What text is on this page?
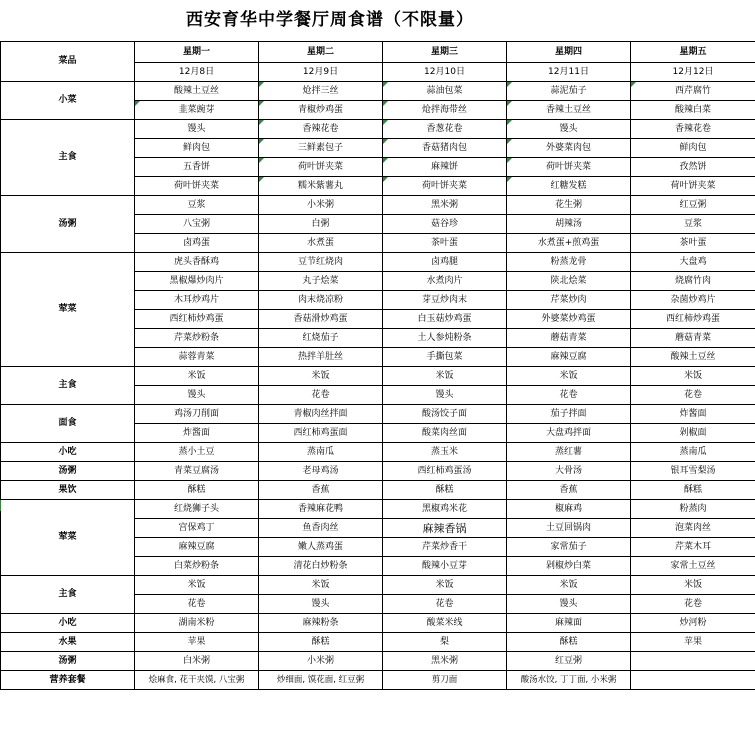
西安育华中学餐厅周食谱（不限量）
菜品	星期一	星期二	星期三	星期四	星期五
	12月8日	12月9日	12月10日	12月11日	12月12日
小菜	酸辣土豆丝	炝拌三丝	蒜油包菜	蒜泥茄子	西芹腐竹
	韭菜豌芽	青椒炒鸡蛋	炝拌海带丝	香辣土豆丝	酸辣白菜
主食	馒头	香辣花卷	香葱花卷	馒头	香辣花卷
	鲜肉包	三鲜素包子	香菇猪肉包	外婆菜肉包	鲜肉包
	五香饼	荷叶饼夹菜	麻辣饼	荷叶饼夹菜	孜然饼
	荷叶饼夹菜	糯米紫薯丸	荷叶饼夹菜	红糖发糕	荷叶饼夹菜
汤粥	豆浆	小米粥	黑米粥	花生粥	红豆粥
	八宝粥	白粥	菇谷珍	胡辣汤	豆浆
	卤鸡蛋	水煮蛋	茶叶蛋	水煮蛋+煎鸡蛋	茶叶蛋
荤菜	虎头香酥鸡	豆节红烧肉	卤鸡腿	粉蒸龙骨	大盘鸡
	黑椒爆炒肉片	丸子烩菜	水煮肉片	陕北烩菜	烧腐竹肉
	木耳炒鸡片	肉末烧凉粉	芽豆炒肉末	芹菜炒肉	杂菌炒鸡片
	西红柿炒鸡蛋	香菇滑炒鸡蛋	白玉菇炒鸡蛋	外婆菜炒鸡蛋	西红柿炒鸡蛋
	芹菜炒粉条	红烧茄子	土人参炖粉条	蘑菇青菜	蘑菇青菜
	蒜蓉青菜	热拌羊肚丝	手撕包菜	麻辣豆腐	酸辣土豆丝
主食	米饭	米饭	米饭	米饭	米饭
	馒头	花卷	馒头	花卷	花卷
面食	鸡汤刀削面	青椒肉丝拌面	酸汤饺子面	茄子拌面	炸酱面
	炸酱面	西红柿鸡蛋面	酸菜肉丝面	大盘鸡拌面	剁椒面
小吃	蒸小土豆	蒸南瓜	蒸玉米	蒸红薯	蒸南瓜
汤粥	青菜豆腐汤	老母鸡汤	西红柿鸡蛋汤	大骨汤	银耳雪梨汤
果饮	酥糕	香蕉	酥糕	香蕉	酥糕
荤菜	红烧狮子头	香辣麻花鸭	黑椒鸡米花	椒麻鸡	粉蒸肉
	宫保鸡丁	鱼香肉丝	麻辣香锅	土豆回锅肉	泡菜肉丝
	麻辣豆腐	嫩人蒸鸡蛋	芹菜炒香干	家常茄子	芹菜木耳
	白菜炒粉条	清花白炒粉条	酸辣小豆芽	剁椒炒白菜	家常土豆丝
主食	米饭	米饭	米饭	米饭	米饭
	花卷	馒头	花卷	馒头	花卷
小吃	湖南米粉	麻辣粉条	酸菜米线	麻辣面	炒河粉
水果	苹果	酥糕	梨	酥糕	苹果
汤粥	白米粥	小米粥	黑米粥	红豆粥	
营养套餐	烩麻食, 花干夹馍, 八宝粥	炒细面, 馍花面, 红豆粥	剪刀面	酸汤水饺, 丁丁面, 小米粥	
